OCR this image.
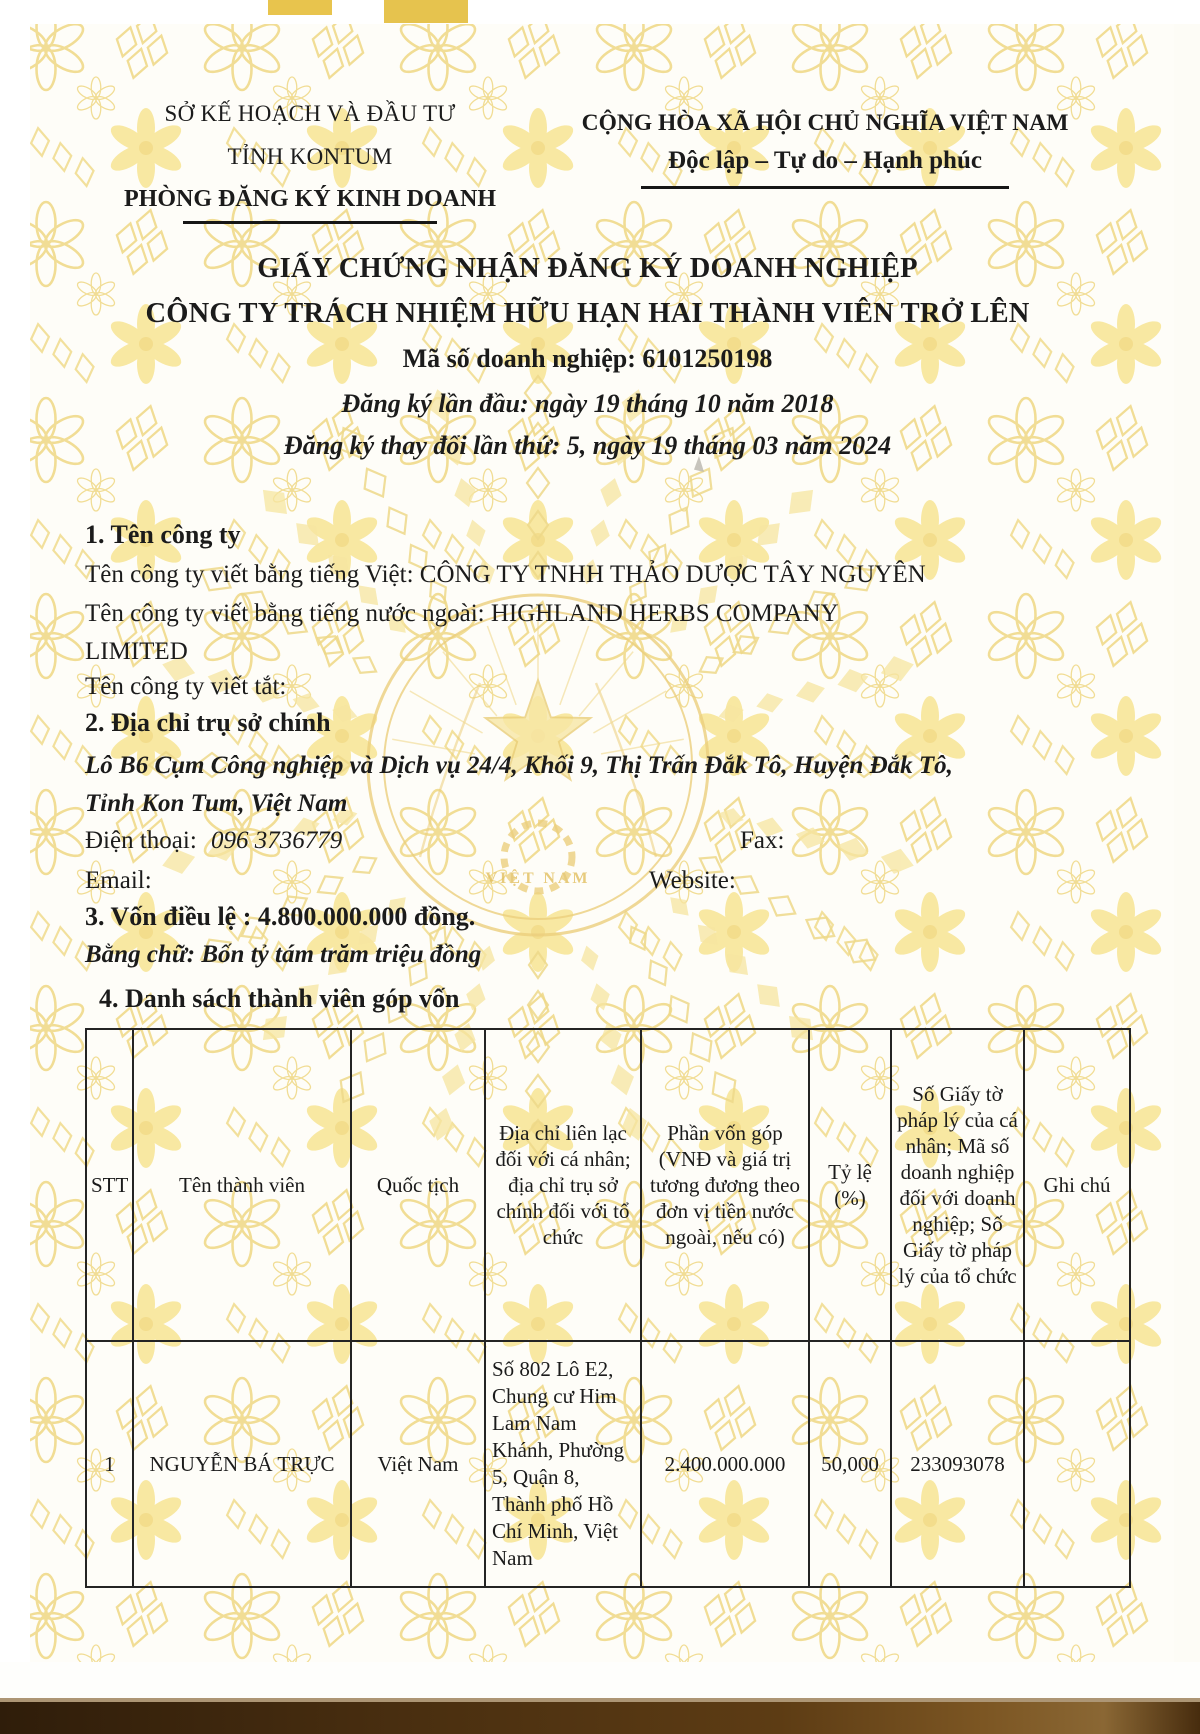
VIỆT NAM
SỞ KẾ HOẠCH VÀ ĐẦU TƯ
TỈNH KONTUM
PHÒNG ĐĂNG KÝ KINH DOANH
CỘNG HÒA XÃ HỘI CHỦ NGHĨA VIỆT NAM
Độc lập – Tự do – Hạnh phúc
GIẤY CHỨNG NHẬN ĐĂNG KÝ DOANH NGHIỆP
CÔNG TY TRÁCH NHIỆM HỮU HẠN HAI THÀNH VIÊN TRỞ LÊN
Mã số doanh nghiệp: 6101250198
Đăng ký lần đầu: ngày 19 tháng 10 năm 2018
Đăng ký thay đổi lần thứ: 5, ngày 19 tháng 03 năm 2024
1. Tên công ty
Tên công ty viết bằng tiếng Việt: CÔNG TY TNHH THẢO DƯỢC TÂY NGUYÊN
Tên công ty viết bằng tiếng nước ngoài: HIGHLAND HERBS COMPANY
LIMITED
Tên công ty viết tắt:
2. Địa chỉ trụ sở chính
Lô B6 Cụm Công nghiệp và Dịch vụ 24/4, Khối 9, Thị Trấn Đắk Tô, Huyện Đắk Tô,
Tỉnh Kon Tum, Việt Nam
Điện thoại: 096 3736779	Fax:
Email:	Website:
3. Vốn điều lệ : 4.800.000.000 đồng.
Bằng chữ: Bốn tỷ tám trăm triệu đồng
4. Danh sách thành viên góp vốn
STT	Tên thành viên	Quốc tịch	Địa chỉ liên lạc đối với cá nhân; địa chỉ trụ sở chính đối với tổ chức	Phần vốn góp (VNĐ và giá trị tương đương theo đơn vị tiền nước ngoài, nếu có)	Tỷ lệ (%)	Số Giấy tờ pháp lý của cá nhân; Mã số doanh nghiệp đối với doanh nghiệp; Số Giấy tờ pháp lý của tổ chức	Ghi chú
1	NGUYỄN BÁ TRỰC	Việt Nam	Số 802 Lô E2, Chung cư Him Lam Nam Khánh, Phường 5, Quận 8, Thành phố Hồ Chí Minh, Việt Nam	2.400.000.000	50,000	233093078	
